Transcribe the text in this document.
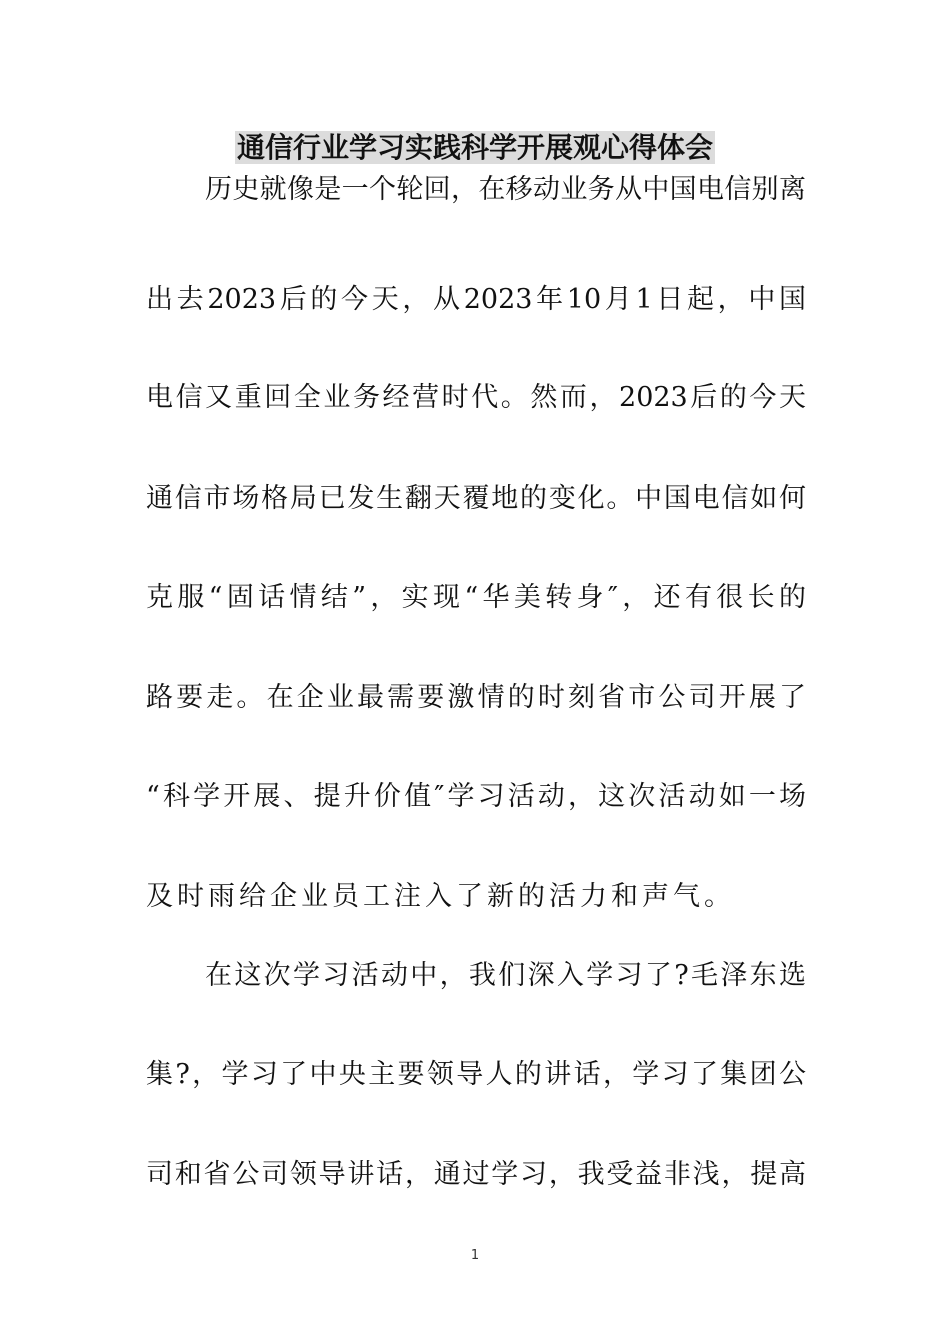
通信行业学习实践科学开展观心得体会
历史就像是一个轮回，在移动业务从中国电信别离
出去2023后的今天，从2023年10月1日起，中国
电信又重回全业务经营时代。然而，2023后的今天
通信市场格局已发生翻天覆地的变化。中国电信如何
克服“固话情结”，实现“华美转身″，还有很长的
路要走。在企业最需要激情的时刻省市公司开展了
“科学开展、提升价值″学习活动，这次活动如一场
及时雨给企业员工注入了新的活力和声气。
在这次学习活动中，我们深入学习了?毛泽东选
集?，学习了中央主要领导人的讲话，学习了集团公
司和省公司领导讲话，通过学习，我受益非浅，提高
1
